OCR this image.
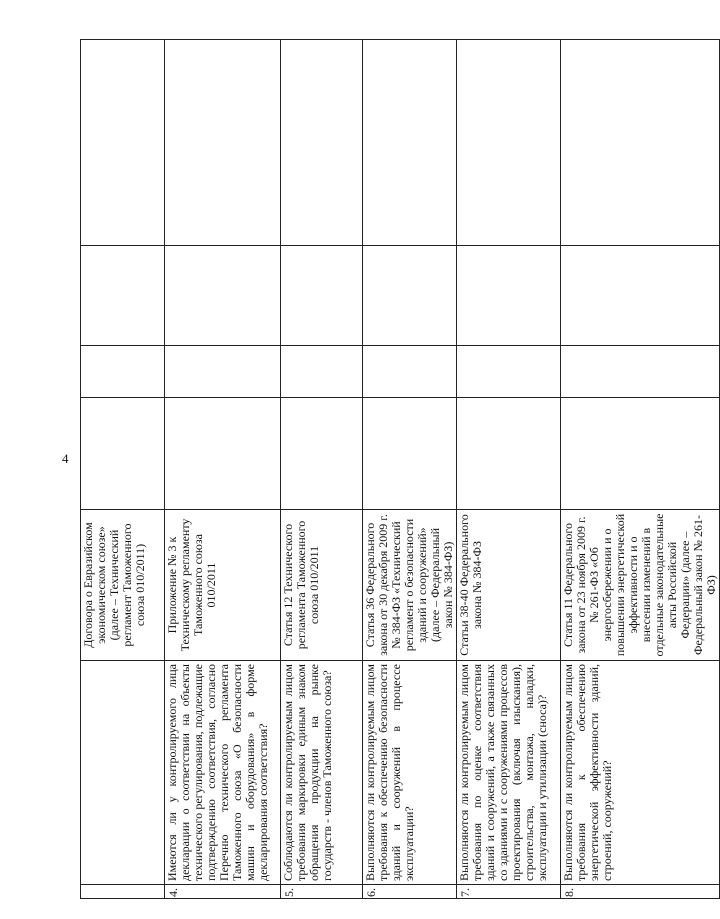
4
		Договора о Евразийском экономическом союзе» (далее – Технический регламент Таможенного союза 010/2011)				
4.	Имеются ли у контролируемого лица декларации о соответствии на объекты технического регулирования, подлежащие подтверждению соответствия, согласно Перечню технического регламента Таможенного союза «О безопасности машин и оборудования» в форме декларирования соответствия?	Приложение № 3 к Техническому регламенту Таможенного союза 010/2011				
5.	Соблюдаются ли контролируемым лицом требования маркировки единым знаком обращения продукции на рынке государств - членов Таможенного союза?	Статья 12 Технического регламента Таможенного союза 010/2011				
6.	Выполняются ли контролируемым лицом требования к обеспечению безопасности зданий и сооружений в процессе эксплуатации?	Статья 36 Федерального закона от 30 декабря 2009 г. № 384-ФЗ «Технический регламент о безопасности зданий и сооружений» (далее – Федеральный закон № 384-ФЗ)				
7.	Выполняются ли контролируемым лицом требования по оценке соответствия зданий и сооружений, а также связанных со зданиями и с сооружениями процессов проектирования (включая изыскания), строительства, монтажа, наладки, эксплуатации и утилизации (сноса)?	Статьи 38-40 Федерального закона № 384-ФЗ				
8.	Выполняются ли контролируемым лицом требования к обеспечению энергетической эффективности зданий, строений, сооружений?	Статья 11 Федерального закона от 23 ноября 2009 г. № 261-ФЗ «Об энергосбережении и о повышении энергетической эффективности и о внесении изменений в отдельные законодательные акты Российской Федерации» (далее – Федеральный закон № 261-ФЗ)				
